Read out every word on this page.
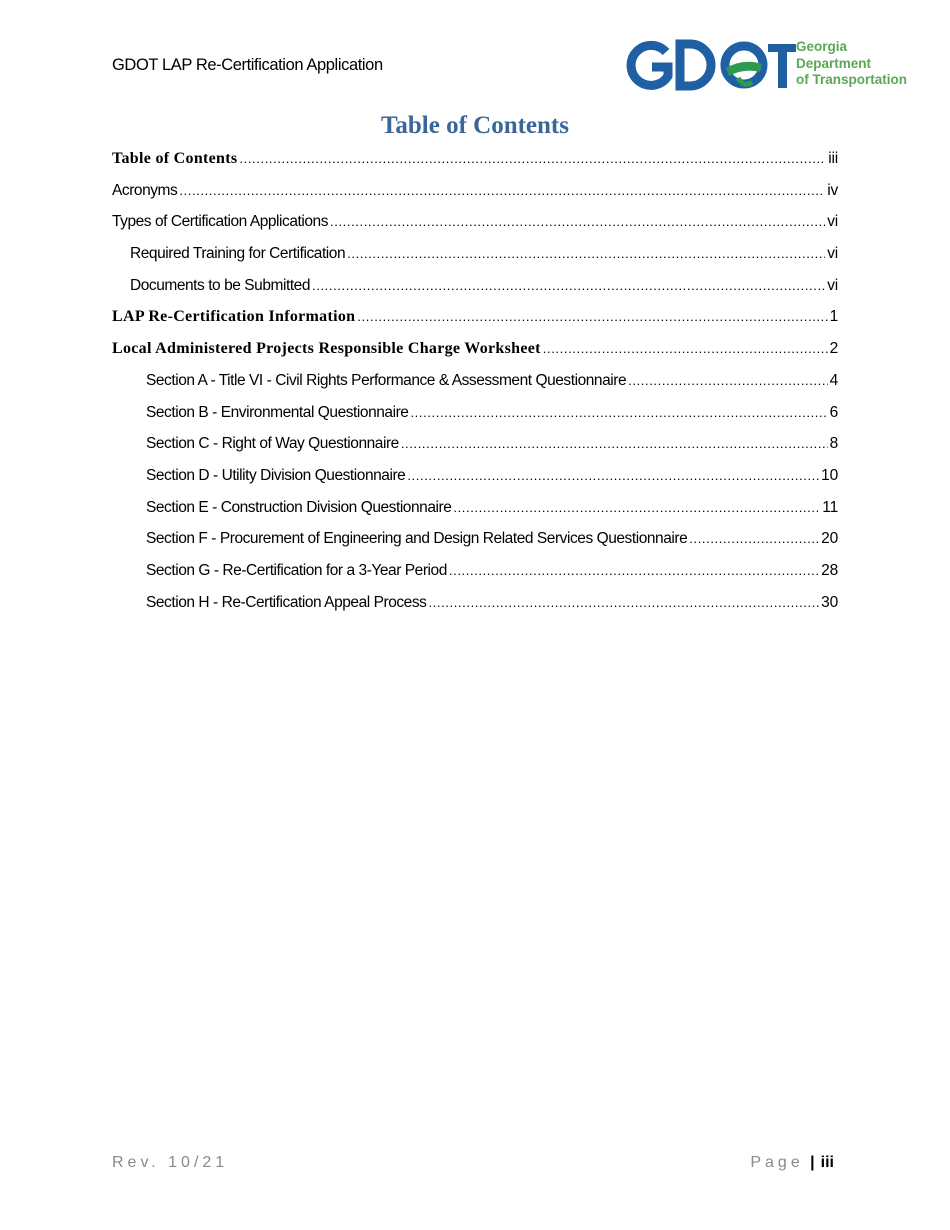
GDOT LAP Re-Certification Application
Georgia
Department
of Transportation
Table of Contents
Table of Contents .....	iii
Acronyms .....	iv
Types of Certification Applications .....	vi
Required Training for Certification .....	vi
Documents to be Submitted .....	vi
LAP Re-Certification Information .....	1
Local Administered Projects Responsible Charge Worksheet .....	2
Section A - Title VI - Civil Rights Performance & Assessment Questionnaire .....	4
Section B - Environmental Questionnaire .....	6
Section C - Right of Way Questionnaire .....	8
Section D - Utility Division Questionnaire .....	10
Section E - Construction Division Questionnaire .....	11
Section F - Procurement of Engineering and Design Related Services Questionnaire .....	20
Section G - Re-Certification for a 3-Year Period .....	28
Section H - Re-Certification Appeal Process .....	30
Rev. 10/21	Page | iii
